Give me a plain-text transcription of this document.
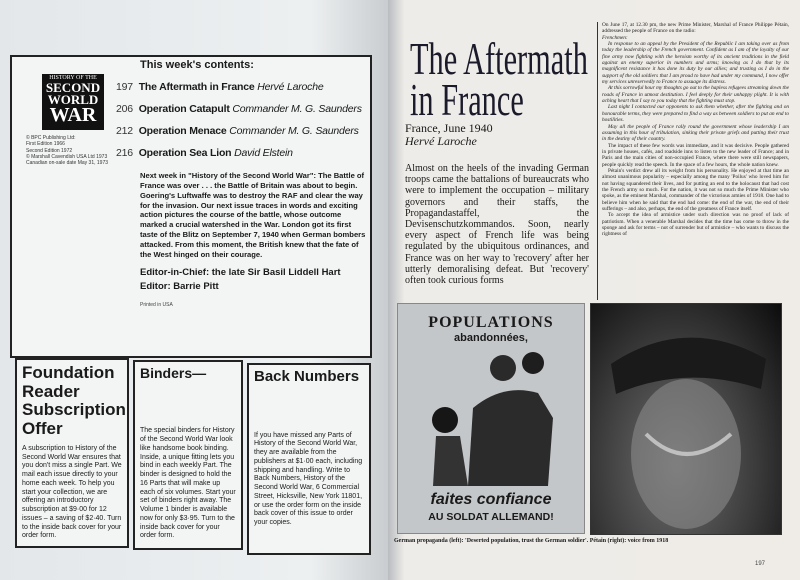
HISTORY OF THE
SECOND
WORLD
WAR
© BPC Publishing Ltd:
First Edition 1966
Second Edition 1972
© Marshall Cavendish USA Ltd 1973
Canadian on-sale date May 31, 1973
This week's contents:
197 The Aftermath in France Hervé Laroche
206 Operation Catapult Commander M. G. Saunders
212 Operation Menace Commander M. G. Saunders
216 Operation Sea Lion David Elstein
Next week in "History of the Second World War": The Battle of France was over . . . the Battle of Britain was about to begin. Goering's Luftwaffe was to destroy the RAF and clear the way for the invasion. Our next issue traces in words and exciting action pictures the course of the battle, whose outcome marked a crucial watershed in the War. London got its first taste of the Blitz on September 7, 1940 when German bombers attacked. From this moment, the British knew that the fate of the West hinged on their courage.
Editor-in-Chief: the late Sir Basil Liddell Hart
Editor: Barrie Pitt
Printed in USA
Foundation Reader Subscription Offer
A subscription to History of the Second World War ensures that you don't miss a single Part. We mail each issue directly to your home each week. To help you start your collection, we are offering an introductory subscription at $9·00 for 12 issues – a saving of $2·40. Turn to the inside back cover for your order form.
Binders—
The special binders for History of the Second World War look like handsome book binding. Inside, a unique fitting lets you bind in each weekly Part. The binder is designed to hold the 16 Parts that will make up each of six volumes. Start your set of binders right away. The Volume 1 binder is available now for only $3·95. Turn to the inside back cover for your order form.
Back Numbers
If you have missed any Parts of History of the Second World War, they are available from the publishers at $1·00 each, including shipping and handling. Write to Back Numbers, History of the Second World War, 6 Commercial Street, Hicksville, New York 11801, or use the order form on the inside back cover of this issue to order your copies.
The Aftermath
in France
France, June 1940
Hervé Laroche
Almost on the heels of the invading German troops came the battalions of bureaucrats who were to implement the occupation – military governors and their staffs, the Propagandastaffel, the Devisenschutzkommandos. Soon, nearly every aspect of French life was being regulated by the ubiquitous ordinances, and France was on her way to 'recovery' after her utterly demoralising defeat. But 'recovery' often took curious forms

On June 17, at 12.30 pm, the new Prime Minister, Marshal of France Philippe Pétain, addressed the people of France on the radio:

Frenchmen:

In response to an appeal by the President of the Republic I am taking over as from today the leadership of the French government. Confident as I am of the loyalty of our fine army now fighting with the heroism worthy of its ancient traditions in the field against an enemy superior in numbers and arms; knowing as I do that by its magnificent resistance it has done its duty by our allies; and trusting as I do in the support of the old soldiers that I am proud to have had under my command, I now offer my services unreservedly to France to assuage its distress.

At this sorrowful hour my thoughts go out to the hapless refugees streaming down the roads of France in utmost destitution. I feel deeply for their unhappy plight. It is with aching heart that I say to you today that the fighting must stop.

Last night I contacted our opponents to ask them whether, after the fighting and on honourable terms, they were prepared to find a way as between soldiers to put an end to hostilities.

May all the people of France rally round the government whose leadership I am assuming in this hour of tribulation, sinking their private griefs and putting their trust in the destiny of their country.

The impact of these few words was immediate, and it was decisive. People gathered in private houses, cafés, and roadside inns to listen to the new leader of France; and in Paris and the main cities of non-occupied France, where there were still newspapers, people quickly read the speech. In the space of a few hours, the whole nation knew.

Pétain's verdict drew all its weight from his personality. He enjoyed at that time an almost unanimous popularity – especially among the many 'Poilus' who loved him for not having squandered their lives, and for putting an end to the holocaust that had cost the French army so much. For the nation, it was not so much the Prime Minister who spoke, as the eminent Marshal, commander of the victorious armies of 1918. One had to believe him when he said that the end had come: the end of the war, the end of their sufferings – and also, perhaps, the end of the greatness of France itself.

To accept the idea of armistice under such direction was no proof of lack of patriotism. When a venerable Marshal decides that the time has come to throw in the sponge and ask for terms – not of surrender but of armistice – who wants to discuss the rightness of

POPULATIONS
abandonnées,
faites confiance
AU SOLDAT ALLEMAND!
German propaganda (left): 'Deserted population, trust the German soldier'. Pétain (right): voice from 1918
197
